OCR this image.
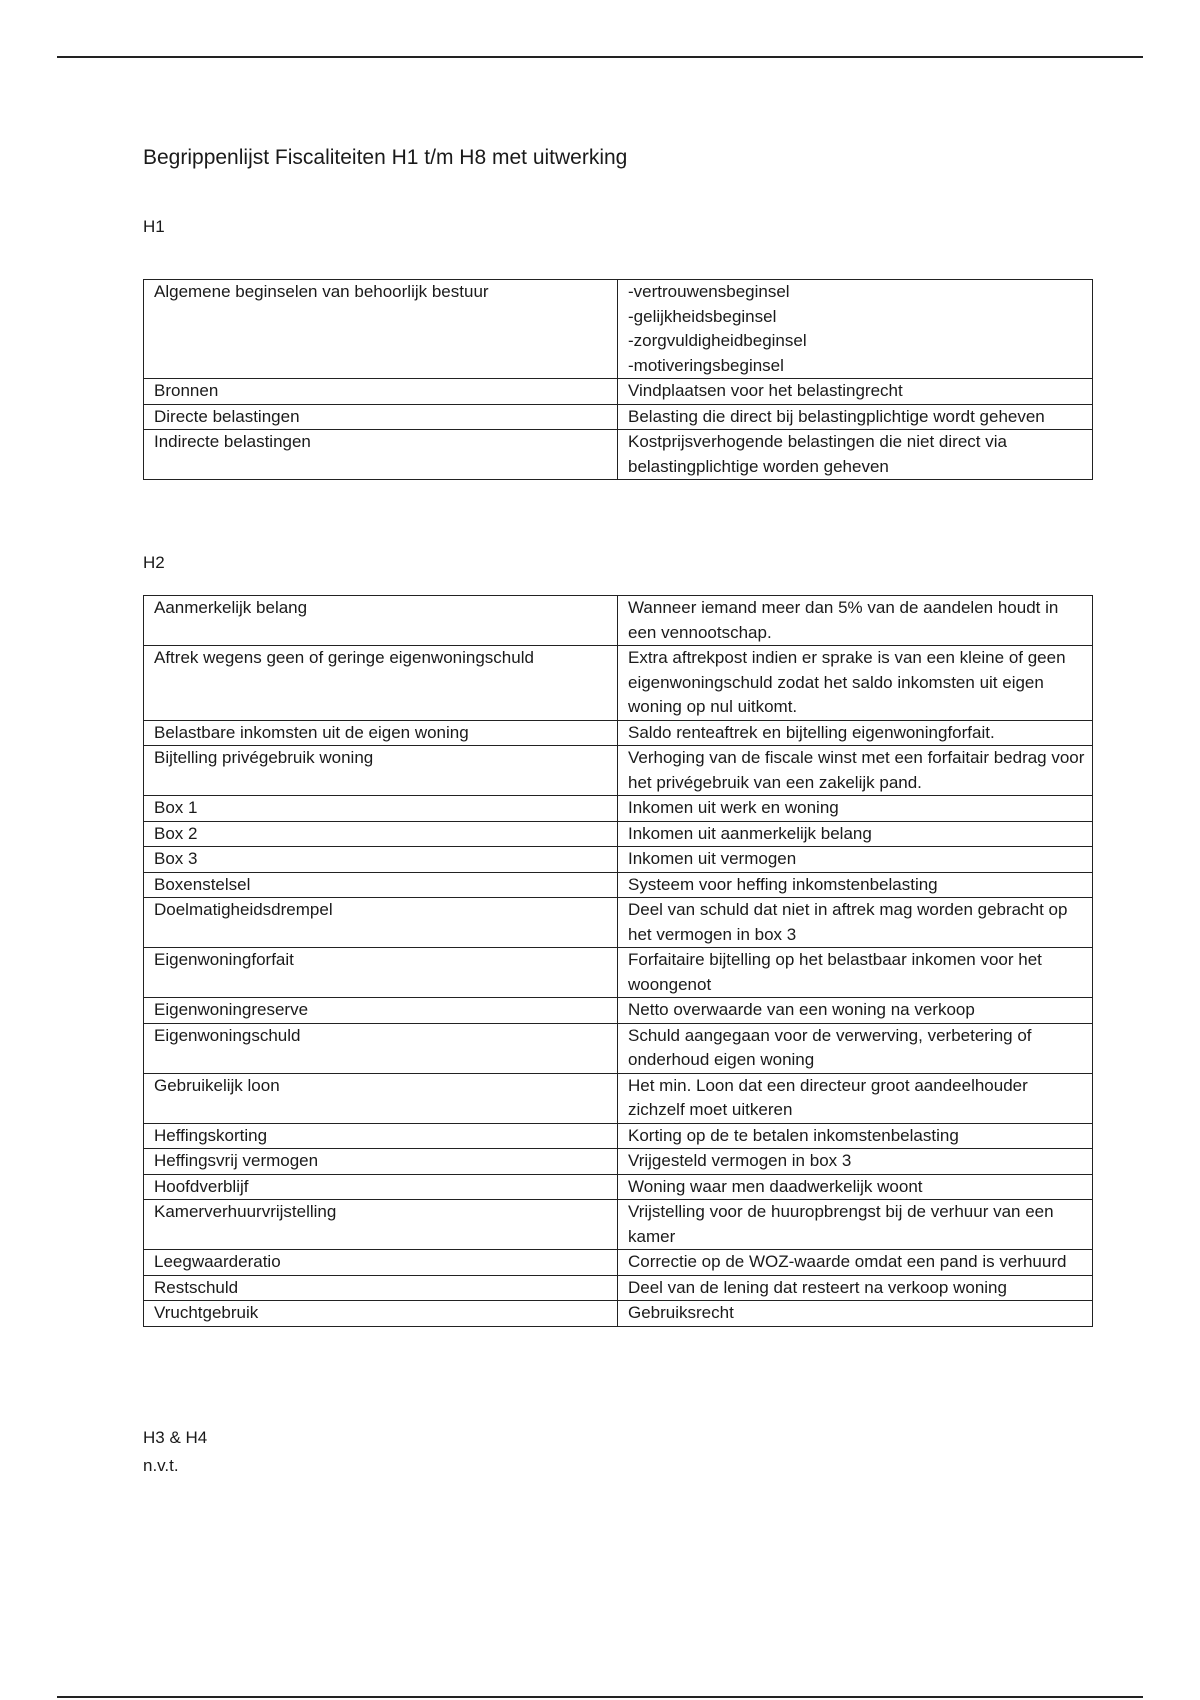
Begrippenlijst Fiscaliteiten H1 t/m H8 met uitwerking
H1
Algemene beginselen van behoorlijk bestuur	-vertrouwensbeginsel
-gelijkheidsbeginsel
-zorgvuldigheidbeginsel
-motiveringsbeginsel
Bronnen	Vindplaatsen voor het belastingrecht
Directe belastingen	Belasting die direct bij belastingplichtige wordt geheven
Indirecte belastingen	Kostprijsverhogende belastingen die niet direct via belastingplichtige worden geheven
H2
Aanmerkelijk belang	Wanneer iemand meer dan 5% van de aandelen houdt in een vennootschap.
Aftrek wegens geen of geringe eigenwoningschuld	Extra aftrekpost indien er sprake is van een kleine of geen eigenwoningschuld zodat het saldo inkomsten uit eigen woning op nul uitkomt.
Belastbare inkomsten uit de eigen woning	Saldo renteaftrek en bijtelling eigenwoningforfait.
Bijtelling privégebruik woning	Verhoging van de fiscale winst met een forfaitair bedrag voor het privégebruik van een zakelijk pand.
Box 1	Inkomen uit werk en woning
Box 2	Inkomen uit aanmerkelijk belang
Box 3	Inkomen uit vermogen
Boxenstelsel	Systeem voor heffing inkomstenbelasting
Doelmatigheidsdrempel	Deel van schuld dat niet in aftrek mag worden gebracht op het vermogen in box 3
Eigenwoningforfait	Forfaitaire bijtelling op het belastbaar inkomen voor het woongenot
Eigenwoningreserve	Netto overwaarde van een woning na verkoop
Eigenwoningschuld	Schuld aangegaan voor de verwerving, verbetering of onderhoud eigen woning
Gebruikelijk loon	Het min. Loon dat een directeur groot aandeelhouder zichzelf moet uitkeren
Heffingskorting	Korting op de te betalen inkomstenbelasting
Heffingsvrij vermogen	Vrijgesteld vermogen in box 3
Hoofdverblijf	Woning waar men daadwerkelijk woont
Kamerverhuurvrijstelling	Vrijstelling voor de huuropbrengst bij de verhuur van een kamer
Leegwaarderatio	Correctie op de WOZ-waarde omdat een pand is verhuurd
Restschuld	Deel van de lening dat resteert na verkoop woning
Vruchtgebruik	Gebruiksrecht
H3 & H4
n.v.t.
